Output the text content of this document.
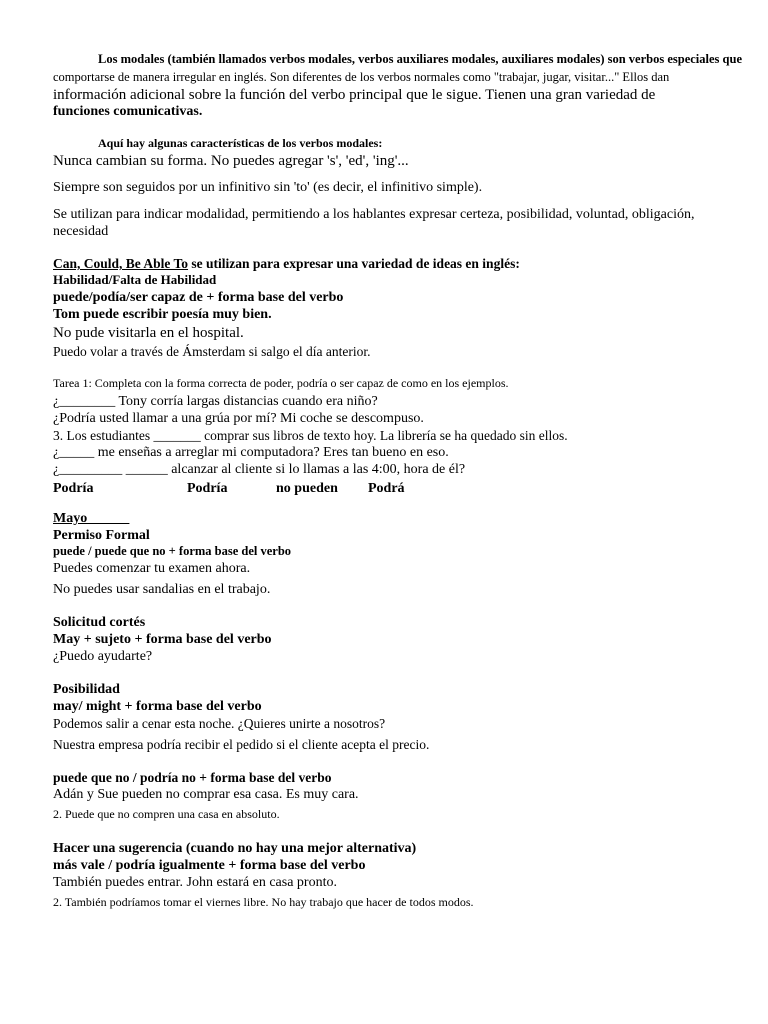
Los modales (también llamados verbos modales, verbos auxiliares modales, auxiliares modales) son verbos especiales que
comportarse de manera irregular en inglés. Son diferentes de los verbos normales como "trabajar, jugar, visitar..." Ellos dan
información adicional sobre la función del verbo principal que le sigue. Tienen una gran variedad de
funciones comunicativas.
Aquí hay algunas características de los verbos modales:
Nunca cambian su forma. No puedes agregar 's', 'ed', 'ing'...
Siempre son seguidos por un infinitivo sin 'to' (es decir, el infinitivo simple).
Se utilizan para indicar modalidad, permitiendo a los hablantes expresar certeza, posibilidad, voluntad, obligación,
necesidad
Can, Could, Be Able To se utilizan para expresar una variedad de ideas en inglés:
Habilidad/Falta de Habilidad
puede/podía/ser capaz de + forma base del verbo
Tom puede escribir poesía muy bien.
No pude visitarla en el hospital.
Puedo volar a través de Ámsterdam si salgo el día anterior.
Tarea 1: Completa con la forma correcta de poder, podría o ser capaz de como en los ejemplos.
¿________ Tony corría largas distancias cuando era niño?
¿Podría usted llamar a una grúa por mí? Mi coche se descompuso.
3. Los estudiantes _______ comprar sus libros de texto hoy. La librería se ha quedado sin ellos.
¿_____ me enseñas a arreglar mi computadora? Eres tan bueno en eso.
¿_________ ______ alcanzar al cliente si lo llamas a las 4:00, hora de él?
Podría	Podría	no pueden Podrá
Mayo______
Permiso Formal
puede / puede que no + forma base del verbo
Puedes comenzar tu examen ahora.
No puedes usar sandalias en el trabajo.
Solicitud cortés
May + sujeto + forma base del verbo
¿Puedo ayudarte?
Posibilidad
may/ might + forma base del verbo
Podemos salir a cenar esta noche. ¿Quieres unirte a nosotros?
Nuestra empresa podría recibir el pedido si el cliente acepta el precio.
puede que no / podría no + forma base del verbo
Adán y Sue pueden no comprar esa casa. Es muy cara.
2. Puede que no compren una casa en absoluto.
Hacer una sugerencia (cuando no hay una mejor alternativa)
más vale / podría igualmente + forma base del verbo
También puedes entrar. John estará en casa pronto.
2. También podríamos tomar el viernes libre. No hay trabajo que hacer de todos modos.
